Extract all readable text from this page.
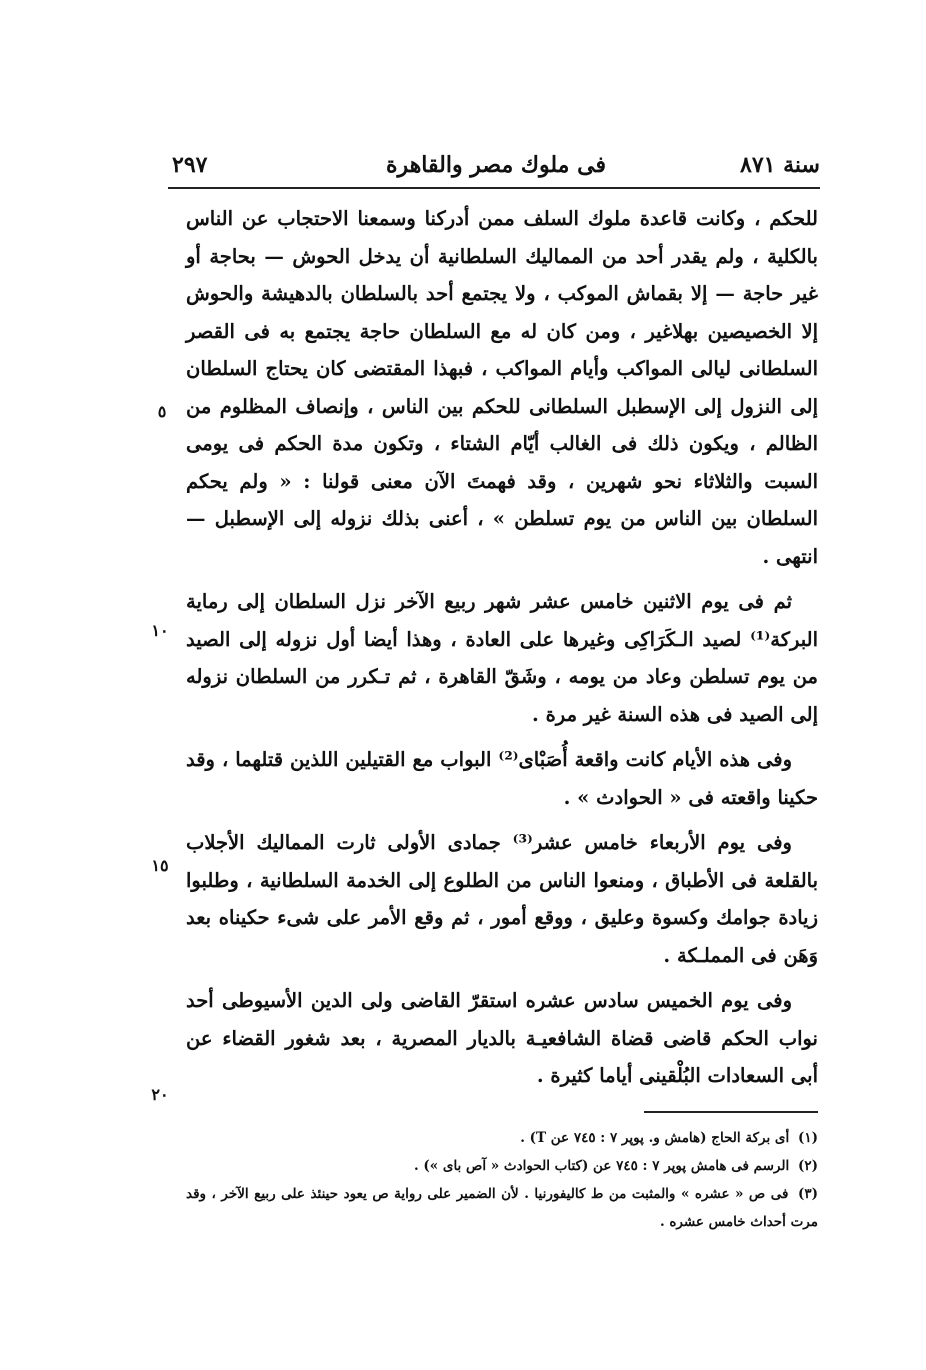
سنة ٨٧١
فى ملوك مصر والقاهرة
٢٩٧

للحكم ، وكانت قاعدة ملوك السلف ممن أدركنا وسمعنا الاحتجاب عن الناس بالكلية ، ولم يقدر أحد من المماليك السلطانية أن يدخل الحوش — بحاجة أو غير حاجة — إلا بقماش الموكب ، ولا يجتمع أحد بالسلطان بالدهيشة والحوش إلا الخصيصين بهلاغير ، ومن كان له مع السلطان حاجة يجتمع به فى القصر السلطانى ليالى المواكب وأيام المواكب ، فبهذا المقتضى كان يحتاج السلطان إلى النزول إلى الإسطبل السلطانى للحكم بين الناس ، وإنصاف المظلوم من الظالم ، ويكون ذلك فى الغالب أيّام الشتاء ، وتكون مدة الحكم فى يومى السبت والثلاثاء نحو شهرين ، وقد فهمتَ الآن معنى قولنا : « ولم يحكم السلطان بين الناس من يوم تسلطن » ، أعنى بذلك نزوله إلى الإسطبل — انتهى .

ثم فى يوم الاثنين خامس عشر شهر ربيع الآخر نزل السلطان إلى رماية البركة⁽¹⁾ لصيد الـكَرَاكِى وغيرها على العادة ، وهذا أيضا أول نزوله إلى الصيد من يوم تسلطن وعاد من يومه ، وشَقّ القاهرة ، ثم تـكرر من السلطان نزوله إلى الصيد فى هذه السنة غير مرة .

وفى هذه الأيام كانت واقعة أُصَبْاى⁽²⁾ البواب مع القتيلين اللذين قتلهما ، وقد حكينا واقعته فى « الحوادث » .

وفى يوم الأربعاء خامس عشر⁽³⁾ جمادى الأولى ثارت المماليك الأجلاب بالقلعة فى الأطباق ، ومنعوا الناس من الطلوع إلى الخدمة السلطانية ، وطلبوا زيادة جوامك وكسوة وعليق ، ووقع أمور ، ثم وقع الأمر على شىء حكيناه بعد وَهَن فى المملـكة .

وفى يوم الخميس سادس عشره استقرّ القاضى ولى الدين الأسيوطى أحد نواب الحكم قاضى قضاة الشافعيـة بالديار المصرية ، بعد شغور القضاء عن أبى السعادات البُلْقينى أياما كثيرة .

٥
١٠
١٥
٢٠

(١) أى بركة الحاج (هامش و. پوپر ٧ : ٧٤٥ عن T) .

(٢) الرسم فى هامش پوپر ٧ : ٧٤٥ عن (كتاب الحوادث « آص باى ») .

(٣) فى ص « عشره » والمثبت من ط كاليفورنيا . لأن الضمير على رواية ص يعود حينئذ على ربيع الآخر ، وقد مرت أحداث خامس عشره .
